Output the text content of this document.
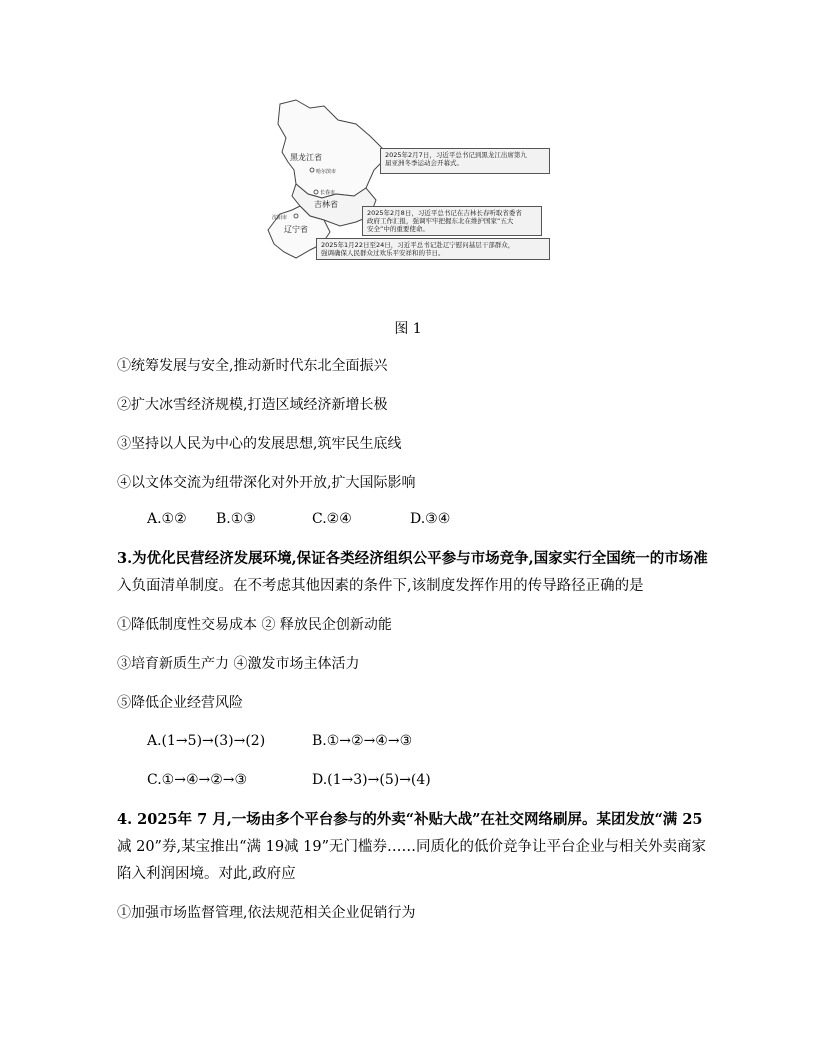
黑龙江省
哈尔滨市
长春市
吉林省
沈阳市
辽宁省
2025年2月7日，习近平总书记到黑龙江出席第九
届亚洲冬季运动会开幕式。
2025年2月8日，习近平总书记在吉林长春听取省委省
政府工作汇报，强调牢牢把握东北在维护国家“五大
安全”中的重要使命。
2025年1月22日至24日，习近平总书记赴辽宁慰问基层干部群众，
强调确保人民群众过欢乐平安祥和的节日。
图 1
①统筹发展与安全,推动新时代东北全面振兴
②扩大冰雪经济规模,打造区域经济新增长极
③坚持以人民为中心的发展思想,筑牢民生底线
④以文体交流为纽带深化对外开放,扩大国际影响
A.①② B.①③	C.②④	D.③④
3.为优化民营经济发展环境,保证各类经济组织公平参与市场竞争,国家实行全国统一的市场准
入负面清单制度。在不考虑其他因素的条件下,该制度发挥作用的传导路径正确的是
①降低制度性交易成本 ② 释放民企创新动能
③培育新质生产力 ④激发市场主体活力
⑤降低企业经营风险
A.(1→5)→(3)→(2)	B.①→②→④→③
C.①→④→②→③	D.(1→3)→(5)→(4)
4. 2025年 7 月,一场由多个平台参与的外卖“补贴大战”在社交网络刷屏。某团发放“满 25
减 20”券,某宝推出“满 19减 19”无门槛券……同质化的低价竞争让平台企业与相关外卖商家
陷入利润困境。对此,政府应
①加强市场监督管理,依法规范相关企业促销行为
